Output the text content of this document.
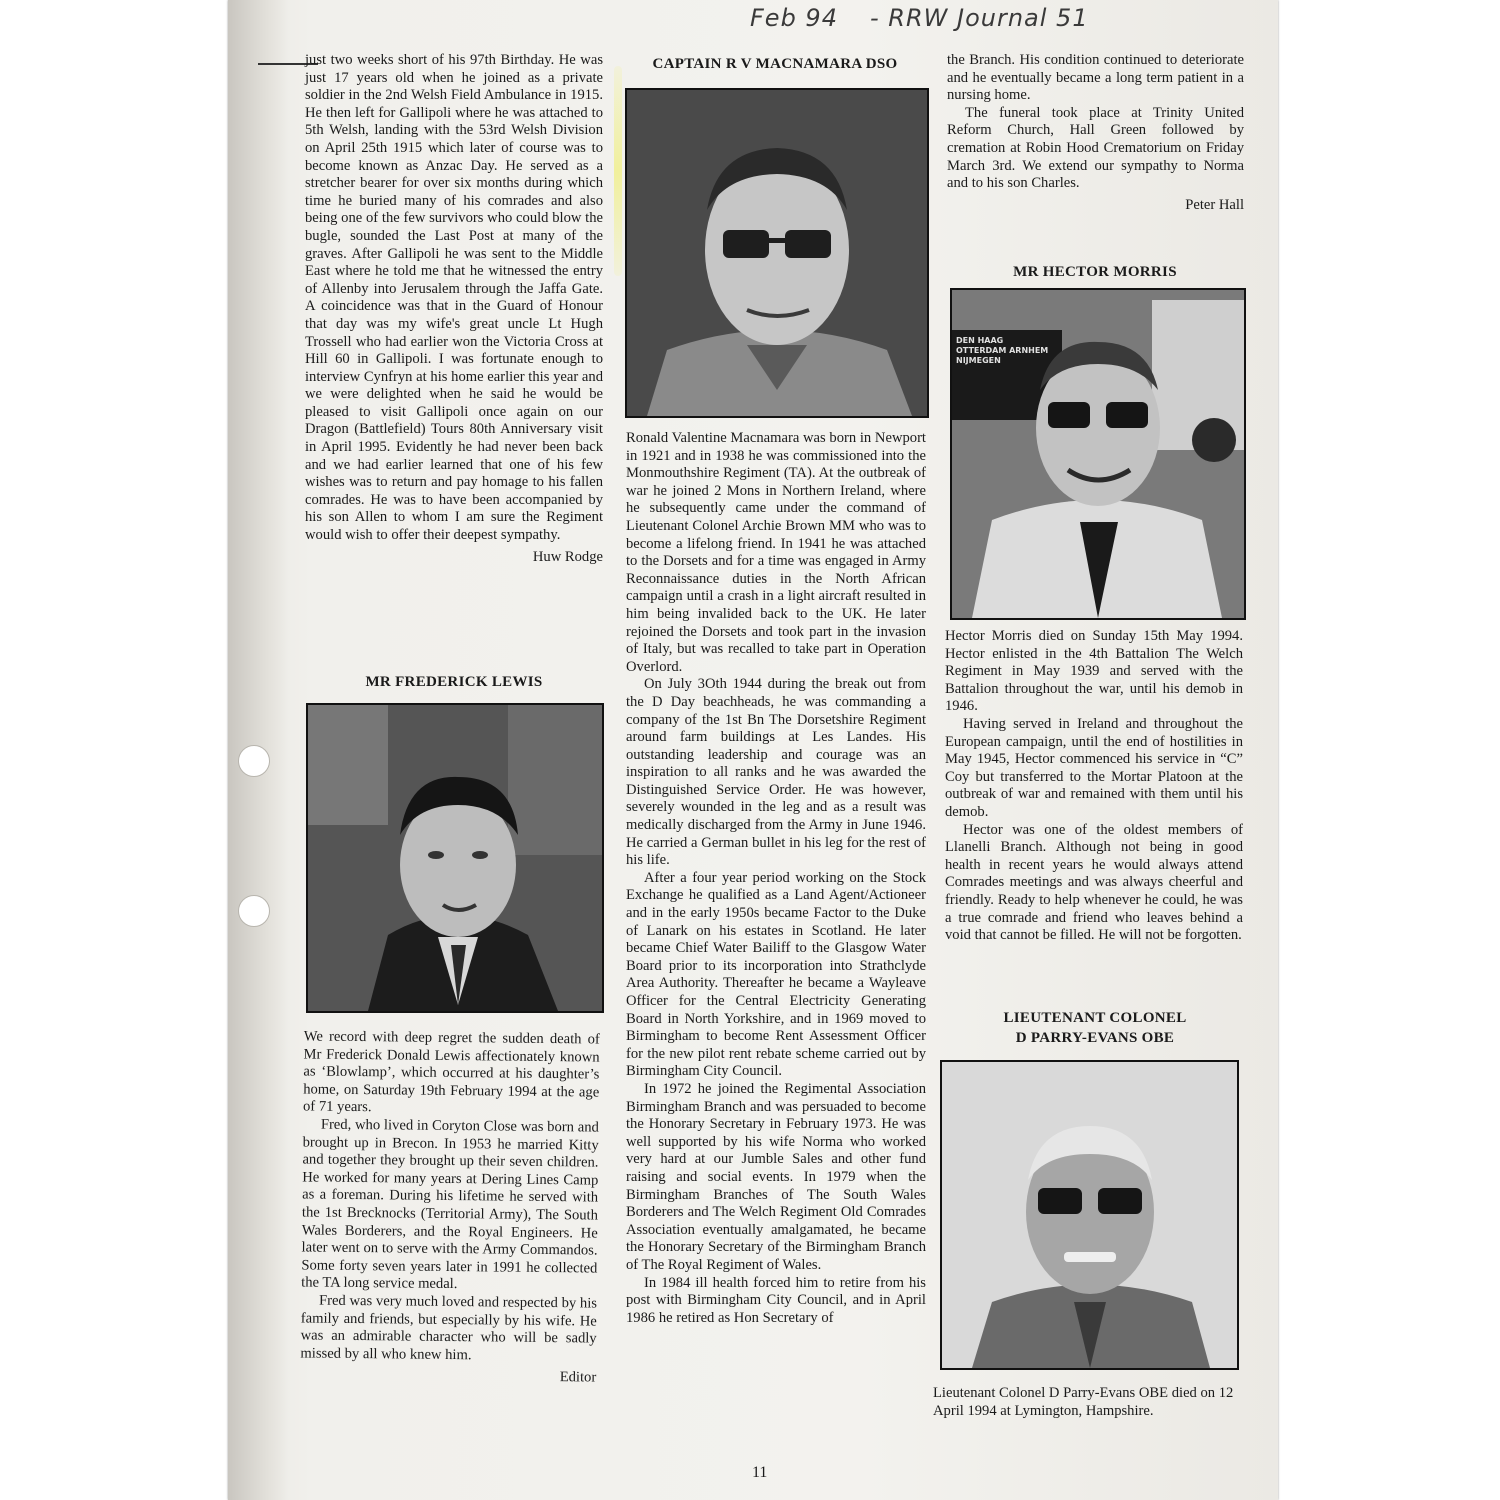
Feb 94 - RRW Journal 51

just two weeks short of his 97th Birthday. He was just 17 years old when he joined as a private soldier in the 2nd Welsh Field Ambulance in 1915. He then left for Gallipoli where he was attached to 5th Welsh, landing with the 53rd Welsh Division on April 25th 1915 which later of course was to become known as Anzac Day. He served as a stretcher bearer for over six months during which time he buried many of his comrades and also being one of the few survivors who could blow the bugle, sounded the Last Post at many of the graves. After Gallipoli he was sent to the Middle East where he told me that he witnessed the entry of Allenby into Jerusalem through the Jaffa Gate. A coincidence was that in the Guard of Honour that day was my wife's great uncle Lt Hugh Trossell who had earlier won the Victoria Cross at Hill 60 in Gallipoli. I was fortunate enough to interview Cynfryn at his home earlier this year and we were delighted when he said he would be pleased to visit Gallipoli once again on our Dragon (Battlefield) Tours 80th Anniversary visit in April 1995. Evidently he had never been back and we had earlier learned that one of his few wishes was to return and pay homage to his fallen comrades. He was to have been accompanied by his son Allen to whom I am sure the Regiment would wish to offer their deepest sympathy.

Huw Rodge

MR FREDERICK LEWIS

We record with deep regret the sudden death of Mr Frederick Donald Lewis affectionately known as ‘Blowlamp’, which occurred at his daughter’s home, on Saturday 19th February 1994 at the age of 71 years.

Fred, who lived in Coryton Close was born and brought up in Brecon. In 1953 he married Kitty and together they brought up their seven children. He worked for many years at Dering Lines Camp as a foreman. During his lifetime he served with the 1st Brecknocks (Territorial Army), The South Wales Borderers, and the Royal Engineers. He later went on to serve with the Army Commandos. Some forty seven years later in 1991 he collected the TA long service medal.

Fred was very much loved and respected by his family and friends, but especially by his wife. He was an admirable character who will be sadly missed by all who knew him.

Editor

CAPTAIN R V MACNAMARA DSO

Ronald Valentine Macnamara was born in Newport in 1921 and in 1938 he was commissioned into the Monmouthshire Regiment (TA). At the outbreak of war he joined 2 Mons in Northern Ireland, where he subsequently came under the command of Lieutenant Colonel Archie Brown MM who was to become a lifelong friend. In 1941 he was attached to the Dorsets and for a time was engaged in Army Reconnaissance duties in the North African campaign until a crash in a light aircraft resulted in him being invalided back to the UK. He later rejoined the Dorsets and took part in the invasion of Italy, but was recalled to take part in Operation Overlord.

On July 3Oth 1944 during the break out from the D Day beachheads, he was commanding a company of the 1st Bn The Dorsetshire Regiment around farm buildings at Les Landes. His outstanding leadership and courage was an inspiration to all ranks and he was awarded the Distinguished Service Order. He was however, severely wounded in the leg and as a result was medically discharged from the Army in June 1946. He carried a German bullet in his leg for the rest of his life.

After a four year period working on the Stock Exchange he qualified as a Land Agent/Actioneer and in the early 1950s became Factor to the Duke of Lanark on his estates in Scotland. He later became Chief Water Bailiff to the Glasgow Water Board prior to its incorporation into Strathclyde Area Authority. Thereafter he became a Wayleave Officer for the Central Electricity Generating Board in North Yorkshire, and in 1969 moved to Birmingham to become Rent Assessment Officer for the new pilot rent rebate scheme carried out by Birmingham City Council.

In 1972 he joined the Regimental Association Birmingham Branch and was persuaded to become the Honorary Secretary in February 1973. He was well supported by his wife Norma who worked very hard at our Jumble Sales and other fund raising and social events. In 1979 when the Birmingham Branches of The South Wales Borderers and The Welch Regiment Old Comrades Association eventually amalgamated, he became the Honorary Secretary of the Birmingham Branch of The Royal Regiment of Wales.

In 1984 ill health forced him to retire from his post with Birmingham City Council, and in April 1986 he retired as Hon Secretary of

the Branch. His condition continued to deteriorate and he eventually became a long term patient in a nursing home.

The funeral took place at Trinity United Reform Church, Hall Green followed by cremation at Robin Hood Crematorium on Friday March 3rd. We extend our sympathy to Norma and to his son Charles.

Peter Hall

MR HECTOR MORRIS
DEN HAAG OTTERDAM ARNHEM NIJMEGEN

Hector Morris died on Sunday 15th May 1994. Hector enlisted in the 4th Battalion The Welch Regiment in May 1939 and served with the Battalion throughout the war, until his demob in 1946.

Having served in Ireland and throughout the European campaign, until the end of hostilities in May 1945, Hector commenced his service in “C” Coy but transferred to the Mortar Platoon at the outbreak of war and remained with them until his demob.

Hector was one of the oldest members of Llanelli Branch. Although not being in good health in recent years he would always attend Comrades meetings and was always cheerful and friendly. Ready to help whenever he could, he was a true comrade and friend who leaves behind a void that cannot be filled. He will not be forgotten.

LIEUTENANT COLONEL
D PARRY-EVANS OBE
Lieutenant Colonel D Parry-Evans OBE died on 12 April 1994 at Lymington, Hampshire.
11
